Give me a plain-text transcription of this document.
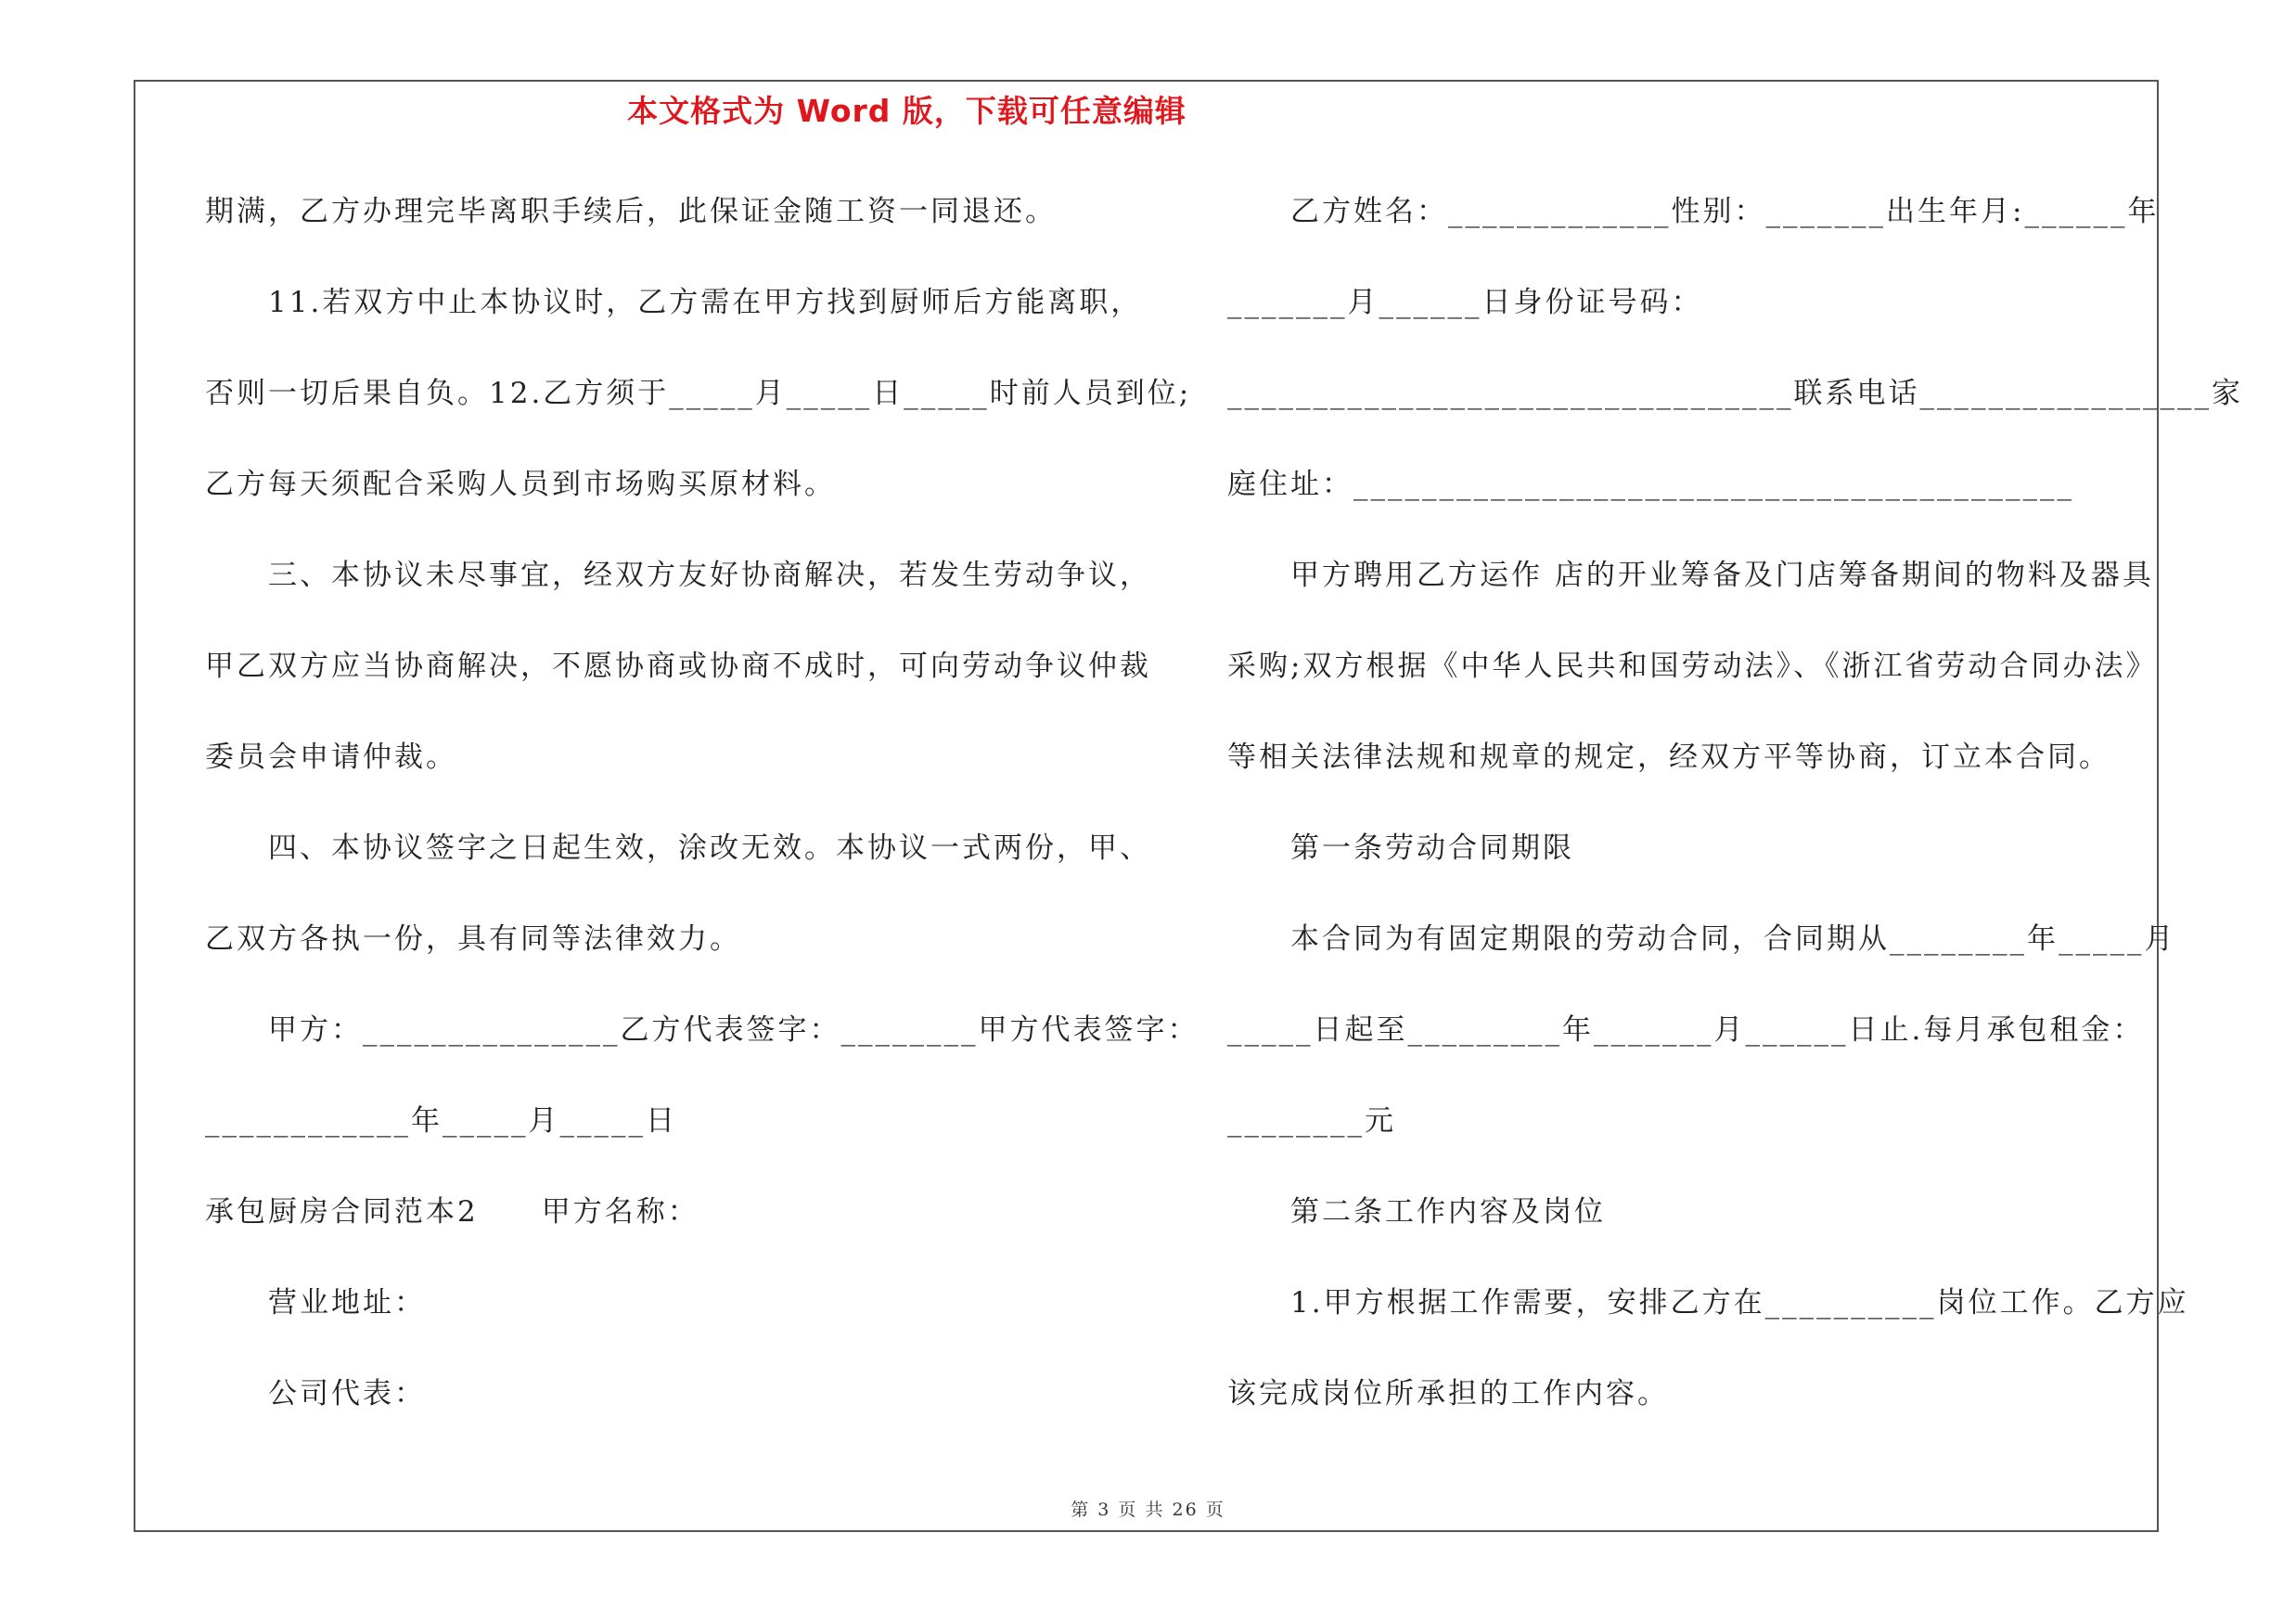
本文格式为 Word 版，下载可任意编辑
期满，乙方办理完毕离职手续后，此保证金随工资一同退还。
11.若双方中止本协议时，乙方需在甲方找到厨师后方能离职，
否则一切后果自负。12.乙方须于_____月_____日_____时前人员到位;
乙方每天须配合采购人员到市场购买原材料。
三、本协议未尽事宜，经双方友好协商解决，若发生劳动争议，
甲乙双方应当协商解决，不愿协商或协商不成时，可向劳动争议仲裁
委员会申请仲裁。
四、本协议签字之日起生效，涂改无效。本协议一式两份，甲、
乙双方各执一份，具有同等法律效力。
甲方：_______________乙方代表签字：________甲方代表签字：
____________年_____月_____日
承包厨房合同范本2　　甲方名称：
营业地址：
公司代表：
乙方姓名：_____________性别：_______出生年月:______年
_______月______日身份证号码：
_________________________________联系电话_________________家
庭住址：__________________________________________
甲方聘用乙方运作 店的开业筹备及门店筹备期间的物料及器具
采购;双方根据《中华人民共和国劳动法》、《浙江省劳动合同办法》
等相关法律法规和规章的规定，经双方平等协商，订立本合同。
第一条劳动合同期限
本合同为有固定期限的劳动合同，合同期从________年_____月
_____日起至_________年_______月______日止.每月承包租金：
________元
第二条工作内容及岗位
1.甲方根据工作需要，安排乙方在__________岗位工作。乙方应
该完成岗位所承担的工作内容。
第 3 页 共 26 页
